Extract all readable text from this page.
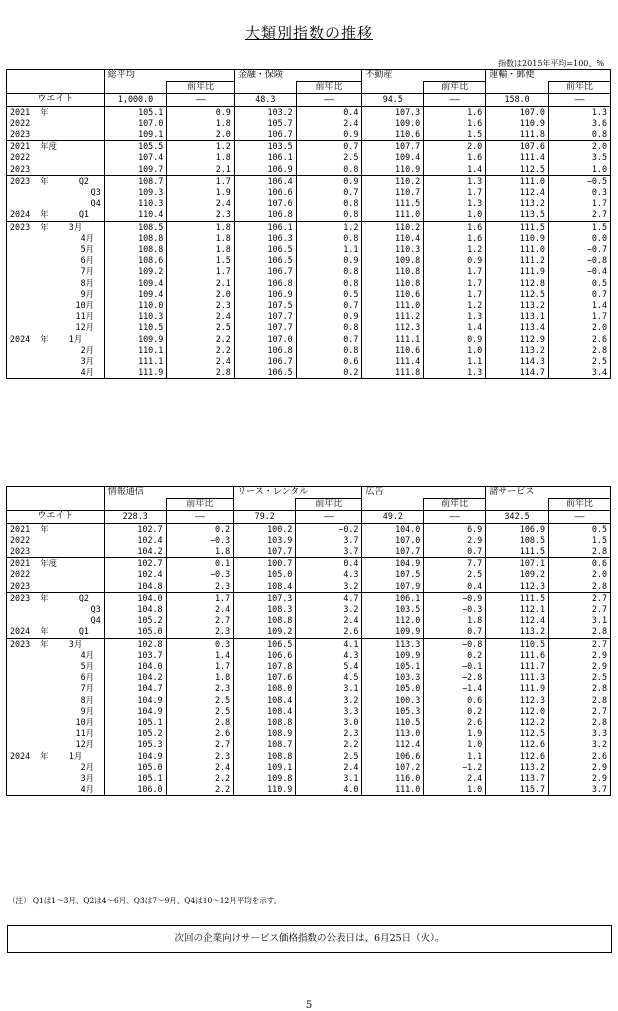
大類別指数の推移
指数は2015年平均=100、%
	総平均		金融・保険		不動産		運輸・郵便	
		前年比		前年比		前年比		前年比
ウエイト	1,000.0	――	48.3	――	94.5	――	158.0	――
2021  年	105.1	0.9	103.2	0.4	107.3	1.6	107.0	1.3
2022	107.0	1.8	105.7	2.4	109.0	1.6	110.9	3.6
2023	109.1	2.0	106.7	0.9	110.6	1.5	111.8	0.8
2021  年度	105.5	1.2	103.5	0.7	107.7	2.0	107.6	2.0
2022	107.4	1.8	106.1	2.5	109.4	1.6	111.4	3.5
2023	109.7	2.1	106.9	0.8	110.9	1.4	112.5	1.0
2023  年      Q2	108.7	1.7	106.4	0.9	110.2	1.3	111.0	−0.5
Q3	109.3	1.9	106.6	0.7	110.7	1.7	112.4	0.3
Q4	110.3	2.4	107.6	0.8	111.5	1.3	113.2	1.7
2024  年      Q1	110.4	2.3	106.8	0.8	111.0	1.0	113.5	2.7
2023  年    3月	108.5	1.8	106.1	1.2	110.2	1.6	111.5	1.5
4月	108.8	1.8	106.3	0.8	110.4	1.6	110.9	0.0
5月	108.8	1.8	106.5	1.1	110.3	1.2	111.0	−0.7
6月	108.6	1.5	106.5	0.9	109.8	0.9	111.2	−0.8
7月	109.2	1.7	106.7	0.8	110.8	1.7	111.9	−0.4
8月	109.4	2.1	106.8	0.8	110.8	1.7	112.8	0.5
9月	109.4	2.0	106.9	0.5	110.6	1.7	112.5	0.7
10月	110.0	2.3	107.5	0.7	111.0	1.2	113.2	1.4
11月	110.3	2.4	107.7	0.9	111.2	1.3	113.1	1.7
12月	110.5	2.5	107.7	0.8	112.3	1.4	113.4	2.0
2024  年    1月	109.9	2.2	107.0	0.7	111.1	0.9	112.9	2.6
2月	110.1	2.2	106.8	0.8	110.6	1.0	113.2	2.8
3月	111.1	2.4	106.7	0.6	111.4	1.1	114.3	2.5
4月	111.9	2.8	106.5	0.2	111.8	1.3	114.7	3.4
	情報通信		リース・レンタル		広告		諸サービス	
		前年比		前年比		前年比		前年比
ウエイト	228.3	――	79.2	――	49.2	――	342.5	――
2021  年	102.7	0.2	100.2	−0.2	104.0	6.9	106.9	0.5
2022	102.4	−0.3	103.9	3.7	107.0	2.9	108.5	1.5
2023	104.2	1.8	107.7	3.7	107.7	0.7	111.5	2.8
2021  年度	102.7	0.1	100.7	0.4	104.9	7.7	107.1	0.6
2022	102.4	−0.3	105.0	4.3	107.5	2.5	109.2	2.0
2023	104.8	2.3	108.4	3.2	107.9	0.4	112.3	2.8
2023  年      Q2	104.0	1.7	107.3	4.7	106.1	−0.9	111.5	2.7
Q3	104.8	2.4	108.3	3.2	103.5	−0.3	112.1	2.7
Q4	105.2	2.7	108.8	2.4	112.0	1.8	112.4	3.1
2024  年      Q1	105.0	2.3	109.2	2.6	109.9	0.7	113.2	2.8
2023  年    3月	102.8	0.3	106.5	4.1	113.3	−0.8	110.5	2.7
4月	103.7	1.4	106.6	4.3	109.9	0.2	111.6	2.9
5月	104.0	1.7	107.8	5.4	105.1	−0.1	111.7	2.9
6月	104.2	1.8	107.6	4.5	103.3	−2.8	111.3	2.5
7月	104.7	2.3	108.0	3.1	105.0	−1.4	111.9	2.8
8月	104.9	2.5	108.4	3.2	100.3	0.6	112.3	2.8
9月	104.9	2.5	108.4	3.3	105.3	0.2	112.0	2.7
10月	105.1	2.8	108.8	3.0	110.5	2.6	112.2	2.8
11月	105.2	2.6	108.9	2.3	113.0	1.9	112.5	3.3
12月	105.3	2.7	108.7	2.2	112.4	1.0	112.6	3.2
2024  年    1月	104.9	2.3	108.8	2.5	106.6	1.1	112.6	2.6
2月	105.0	2.4	109.1	2.4	107.2	−1.2	113.2	2.9
3月	105.1	2.2	109.8	3.1	116.0	2.4	113.7	2.9
4月	106.0	2.2	110.9	4.0	111.0	1.0	115.7	3.7
（注） Q1は1～3月、Q2は4～6月、Q3は7～9月、Q4は10～12月平均を示す。
次回の企業向けサービス価格指数の公表日は、6月25日（火）。
5
